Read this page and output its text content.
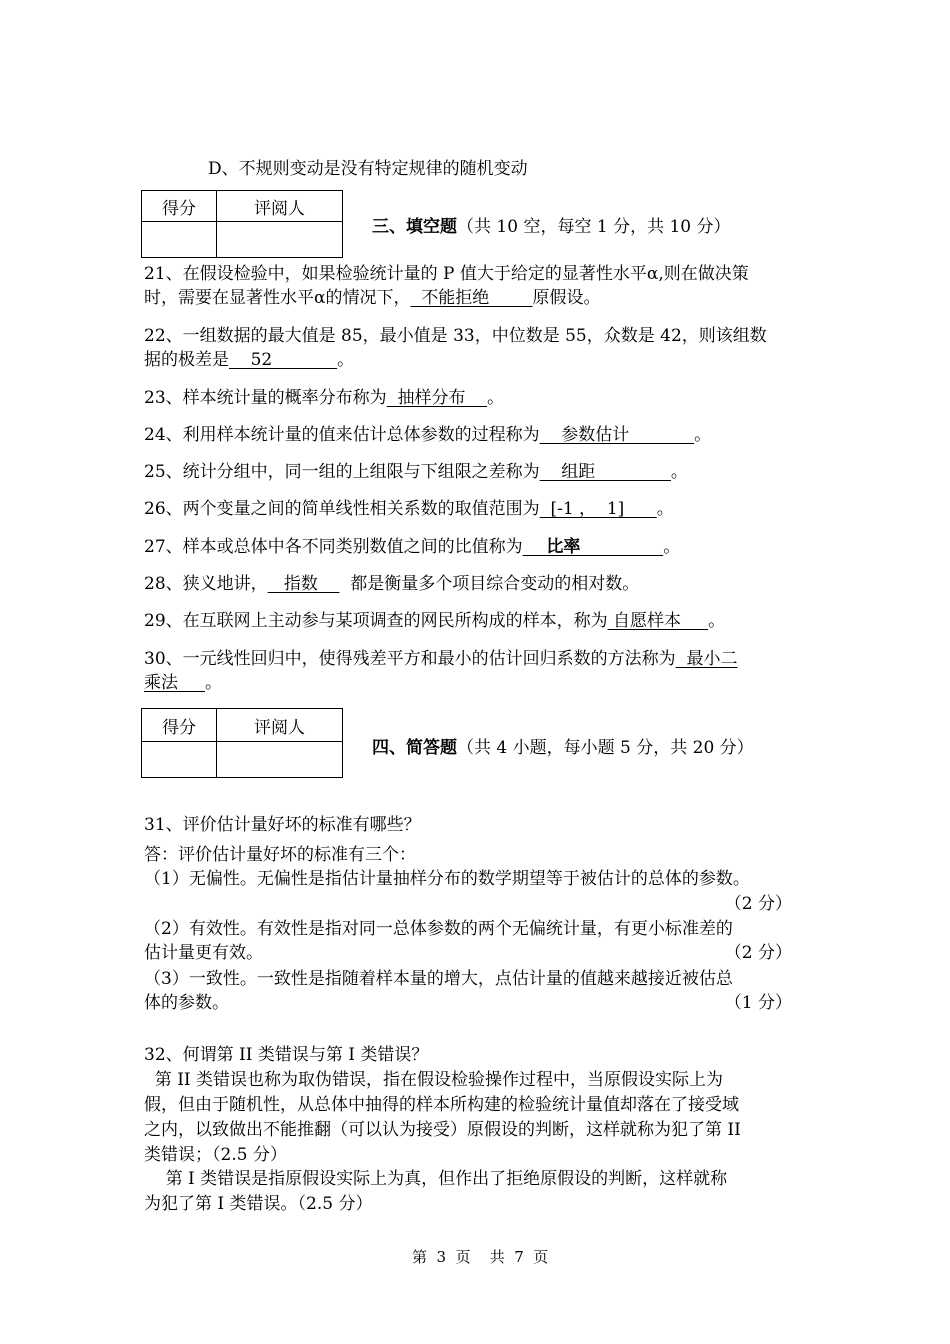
D、不规则变动是没有特定规律的随机变动
得分	评阅人

三、填空题（共 10 空，每空 1 分，共 10 分）
21、在假设检验中，如果检验统计量的 P 值大于给定的显著性水平α,则在做决策
时，需要在显著性水平α的情况下，  不能拒绝        原假设。
22、一组数据的最大值是 85，最小值是 33，中位数是 55，众数是 42，则该组数
据的极差是    52            。
23、样本统计量的概率分布称为  抽样分布    。
24、利用样本统计量的值来估计总体参数的过程称为    参数估计            。
25、统计分组中，同一组的上组限与下组限之差称为    组距              。
26、两个变量之间的简单线性相关系数的取值范围为  [-1 ，  1]      。
27、样本或总体中各不同类别数值之间的比值称为    比率              。
28、狭义地讲，   指数      都是衡量多个项目综合变动的相对数。
29、在互联网上主动参与某项调查的网民所构成的样本，称为 自愿样本     。
30、一元线性回归中，使得残差平方和最小的估计回归系数的方法称为  最小二
乘法     。
得分	评阅人

四、简答题（共 4 小题，每小题 5 分，共 20 分）
31、评价估计量好坏的标准有哪些？
答：评价估计量好坏的标准有三个：
（1）无偏性。无偏性是指估计量抽样分布的数学期望等于被估计的总体的参数。
（2 分）
（2）有效性。有效性是指对同一总体参数的两个无偏统计量，有更小标准差的
估计量更有效。	（2 分）
（3）一致性。一致性是指随着样本量的增大，点估计量的值越来越接近被估总
体的参数。	（1 分）
32、何谓第 II 类错误与第 I 类错误？
第 II 类错误也称为取伪错误，指在假设检验操作过程中，当原假设实际上为
假，但由于随机性，从总体中抽得的样本所构建的检验统计量值却落在了接受域
之内，以致做出不能推翻（可以认为接受）原假设的判断，这样就称为犯了第 II
类错误；（2.5 分）
第 I 类错误是指原假设实际上为真，但作出了拒绝原假设的判断，这样就称
为犯了第 I 类错误。（2.5 分）
第  3  页    共  7  页
